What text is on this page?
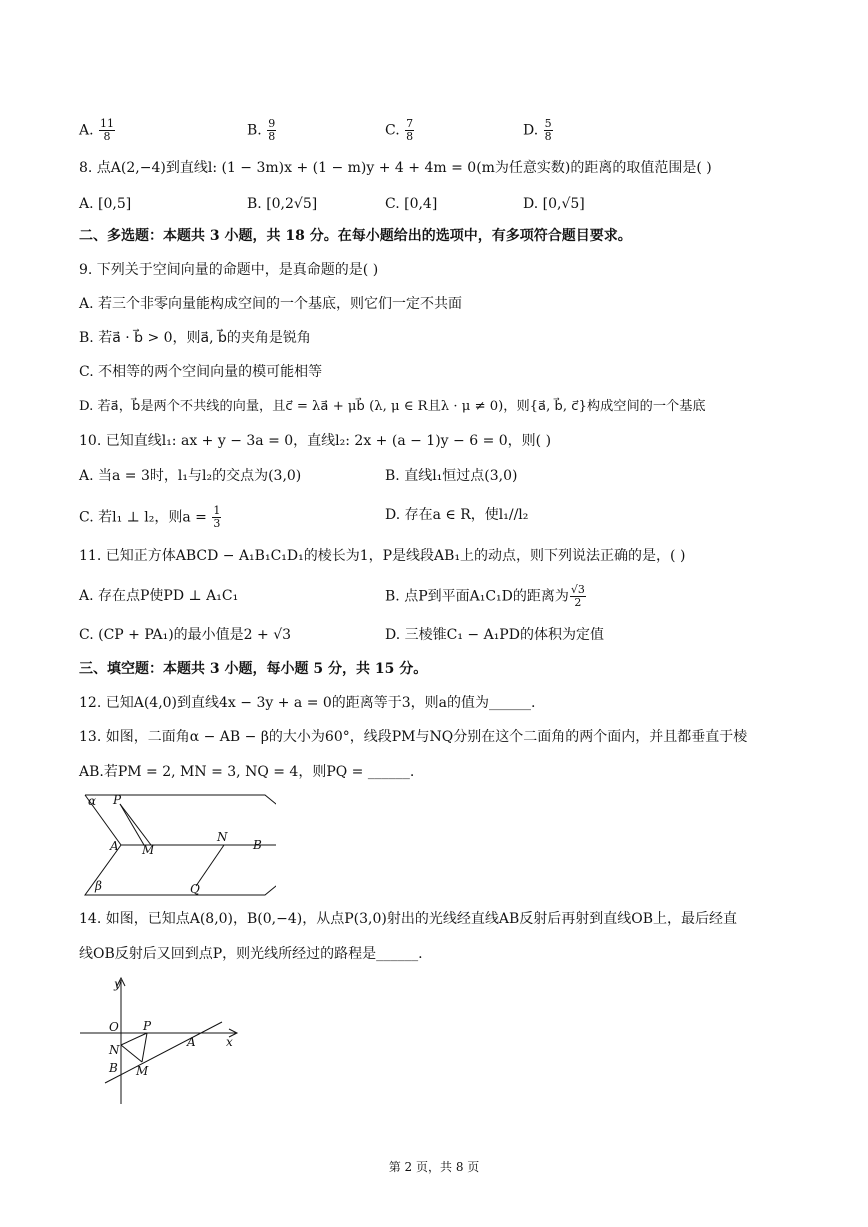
A. $\frac{11}{8}$	B. $\frac{9}{8}$	C. $\frac{7}{8}$	D. $\frac{5}{8}$
8. 点A(2,−4)到直线l: (1 − 3m)x + (1 − m)y + 4 + 4m = 0(m为任意实数)的距离的取值范围是( )
A. [0,5]	B. [0,2√5]	C. [0,4]	D. [0,√5]
二、多选题：本题共 3 小题，共 18 分。在每小题给出的选项中，有多项符合题目要求。
9. 下列关于空间向量的命题中，是真命题的是( )
A. 若三个非零向量能构成空间的一个基底，则它们一定不共面
B. 若a⃗ · b⃗ > 0，则a⃗, b⃗的夹角是锐角
C. 不相等的两个空间向量的模可能相等
D. 若a⃗，b⃗是两个不共线的向量，且c⃗ = λa⃗ + μb⃗ (λ, μ ∈ R且λ · μ ≠ 0)，则{a⃗, b⃗, c⃗}构成空间的一个基底
10. 已知直线l₁: ax + y − 3a = 0，直线l₂: 2x + (a − 1)y − 6 = 0，则( )
A. 当a = 3时，l₁与l₂的交点为(3,0)	B. 直线l₁恒过点(3,0)
C. 若l₁ ⊥ l₂，则$a = \frac{1}{3}$	D. 存在a ∈ R，使l₁//l₂
11. 已知正方体ABCD − A₁B₁C₁D₁的棱长为1，P是线段AB₁上的动点，则下列说法正确的是，( )
A. 存在点P使PD ⊥ A₁C₁	B. 点P到平面A₁C₁D的距离为 $\frac{√3}{2}$
C. (CP + PA₁)的最小值是2 + √3	D. 三棱锥C₁ − A₁PD的体积为定值
三、填空题：本题共 3 小题，每小题 5 分，共 15 分。
12. 已知A(4,0)到直线4x − 3y + a = 0的距离等于3，则a的值为______.
13. 如图，二面角α − AB − β的大小为60°，线段PM与NQ分别在这个二面角的两个面内，并且都垂直于棱
AB.若PM = 2, MN = 3, NQ = 4，则PQ = ______.
α P
A M
N
B
β	Q
14. 如图，已知点A(8,0)，B(0,−4)，从点P(3,0)射出的光线经直线AB反射后再射到直线OB上，最后经直
线OB反射后又回到点P，则光线所经过的路程是______.
y
O P
A	x
N
B M
第 2 页，共 8 页
